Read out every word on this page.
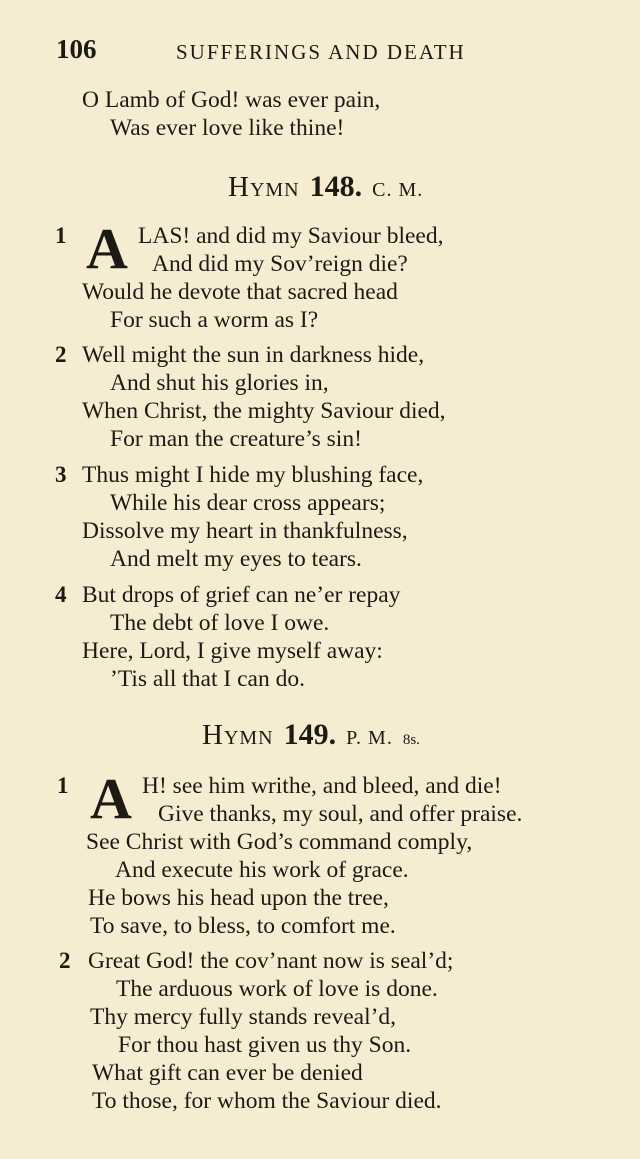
106	SUFFERINGS AND DEATH
O Lamb of God! was ever pain,
Was ever love like thine!
Hymn 148. C. M.
1 A LAS! and did my Saviour bleed,
And did my Sov’reign die?
Would he devote that sacred head
For such a worm as I?
2 Well might the sun in darkness hide,
And shut his glories in,
When Christ, the mighty Saviour died,
For man the creature’s sin!
3 Thus might I hide my blushing face,
While his dear cross appears;
Dissolve my heart in thankfulness,
And melt my eyes to tears.
4 But drops of grief can ne’er repay
The debt of love I owe.
Here, Lord, I give myself away:
’Tis all that I can do.
Hymn 149. P. M. 8s.
1 A H! see him writhe, and bleed, and die!
Give thanks, my soul, and offer praise.
See Christ with God’s command comply,
And execute his work of grace.
He bows his head upon the tree,
To save, to bless, to comfort me.
2 Great God! the cov’nant now is seal’d;
The arduous work of love is done.
Thy mercy fully stands reveal’d,
For thou hast given us thy Son.
What gift can ever be denied
To those, for whom the Saviour died.
